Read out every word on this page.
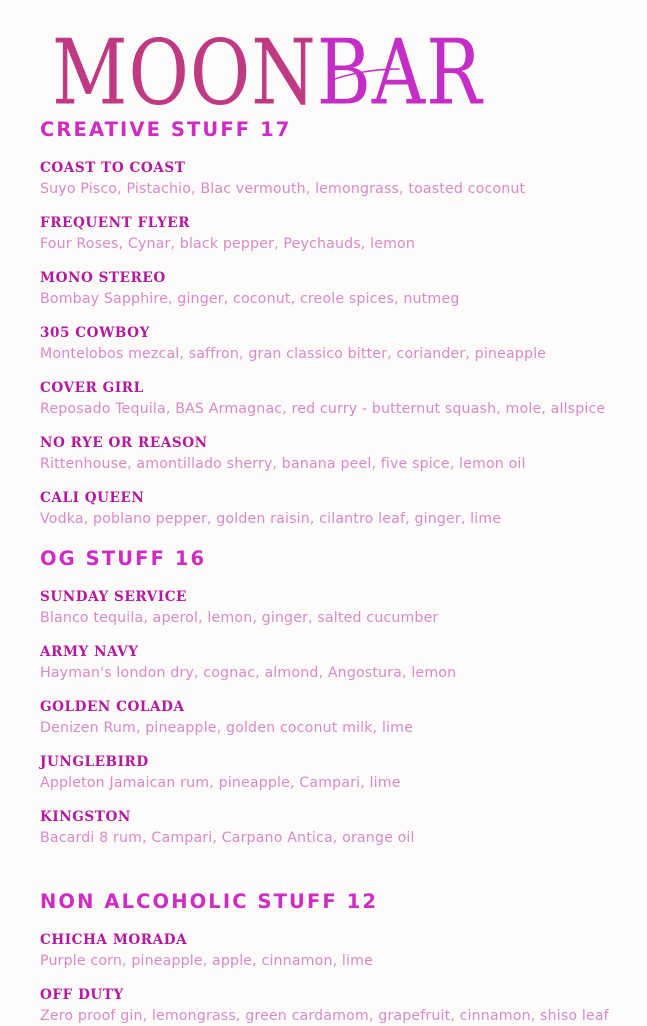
MOONBAR
CREATIVE STUFF 17
COAST TO COAST
Suyo Pisco, Pistachio, Blac vermouth, lemongrass, toasted coconut
FREQUENT FLYER
Four Roses, Cynar, black pepper, Peychauds, lemon
MONO STEREO
Bombay Sapphire, ginger, coconut, creole spices, nutmeg
305 COWBOY
Montelobos mezcal, saffron, gran classico bitter, coriander, pineapple
COVER GIRL
Reposado Tequila, BAS Armagnac, red curry - butternut squash, mole, allspice
NO RYE OR REASON
Rittenhouse, amontillado sherry, banana peel, five spice, lemon oil
CALI QUEEN
Vodka, poblano pepper, golden raisin, cilantro leaf, ginger, lime
OG STUFF 16
SUNDAY SERVICE
Blanco tequila, aperol, lemon, ginger, salted cucumber
ARMY NAVY
Hayman's london dry, cognac, almond, Angostura, lemon
GOLDEN COLADA
Denizen Rum, pineapple, golden coconut milk, lime
JUNGLEBIRD
Appleton Jamaican rum, pineapple, Campari, lime
KINGSTON
Bacardi 8 rum, Campari, Carpano Antica, orange oil
NON ALCOHOLIC STUFF 12
CHICHA MORADA
Purple corn, pineapple, apple, cinnamon, lime
OFF DUTY
Zero proof gin, lemongrass, green cardamom, grapefruit, cinnamon, shiso leaf
